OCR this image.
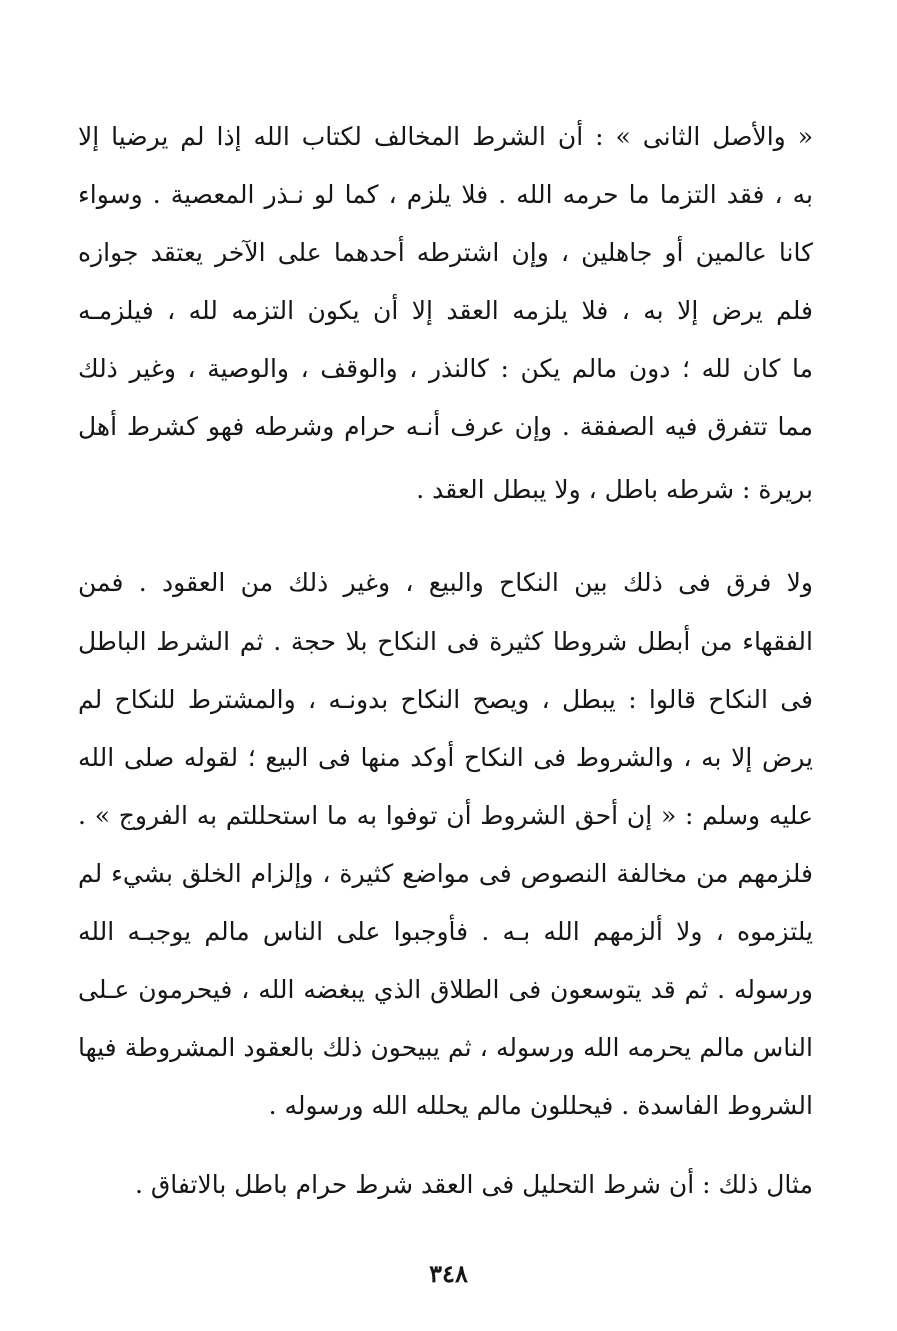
« والأصل الثانى » : أن الشرط المخالف لكتاب الله إذا لم يرضيا إلا
به ، فقد التزما ما حرمه الله . فلا يلزم ، كما لو نـذر المعصية . وسواء
كانا عالمين أو جاهلين ، وإن اشترطه أحدهما على الآخر يعتقد جوازه
فلم يرض إلا به ، فلا يلزمه العقد إلا أن يكون التزمه لله ، فيلزمـه
ما كان لله ؛ دون مالم يكن : كالنذر ، والوقف ، والوصية ، وغير ذلك
مما تتفرق فيه الصفقة . وإن عرف أنـه حرام وشرطه فهو كشرط أهل
بريرة : شرطه باطل ، ولا يبطل العقد .
ولا فرق فى ذلك بين النكاح والبيع ، وغير ذلك من العقود . فمن
الفقهاء من أبطل شروطا كثيرة فى النكاح بلا حجة . ثم الشرط الباطل
فى النكاح قالوا : يبطل ، ويصح النكاح بدونـه ، والمشترط للنكاح لم
يرض إلا به ، والشروط فى النكاح أوكد منها فى البيع ؛ لقوله صلى الله
عليه وسلم : « إن أحق الشروط أن توفوا به ما استحللتم به الفروج » .
فلزمهم من مخالفة النصوص فى مواضع كثيرة ، وإلزام الخلق بشيء لم
يلتزموه ، ولا ألزمهم الله بـه . فأوجبوا على الناس مالم يوجبـه الله
ورسوله . ثم قد يتوسعون فى الطلاق الذي يبغضه الله ، فيحرمون عـلى
الناس مالم يحرمه الله ورسوله ، ثم يبيحون ذلك بالعقود المشروطة فيها
الشروط الفاسدة . فيحللون مالم يحلله الله ورسوله .
مثال ذلك : أن شرط التحليل فى العقد شرط حرام باطل بالاتفاق .
٣٤٨
